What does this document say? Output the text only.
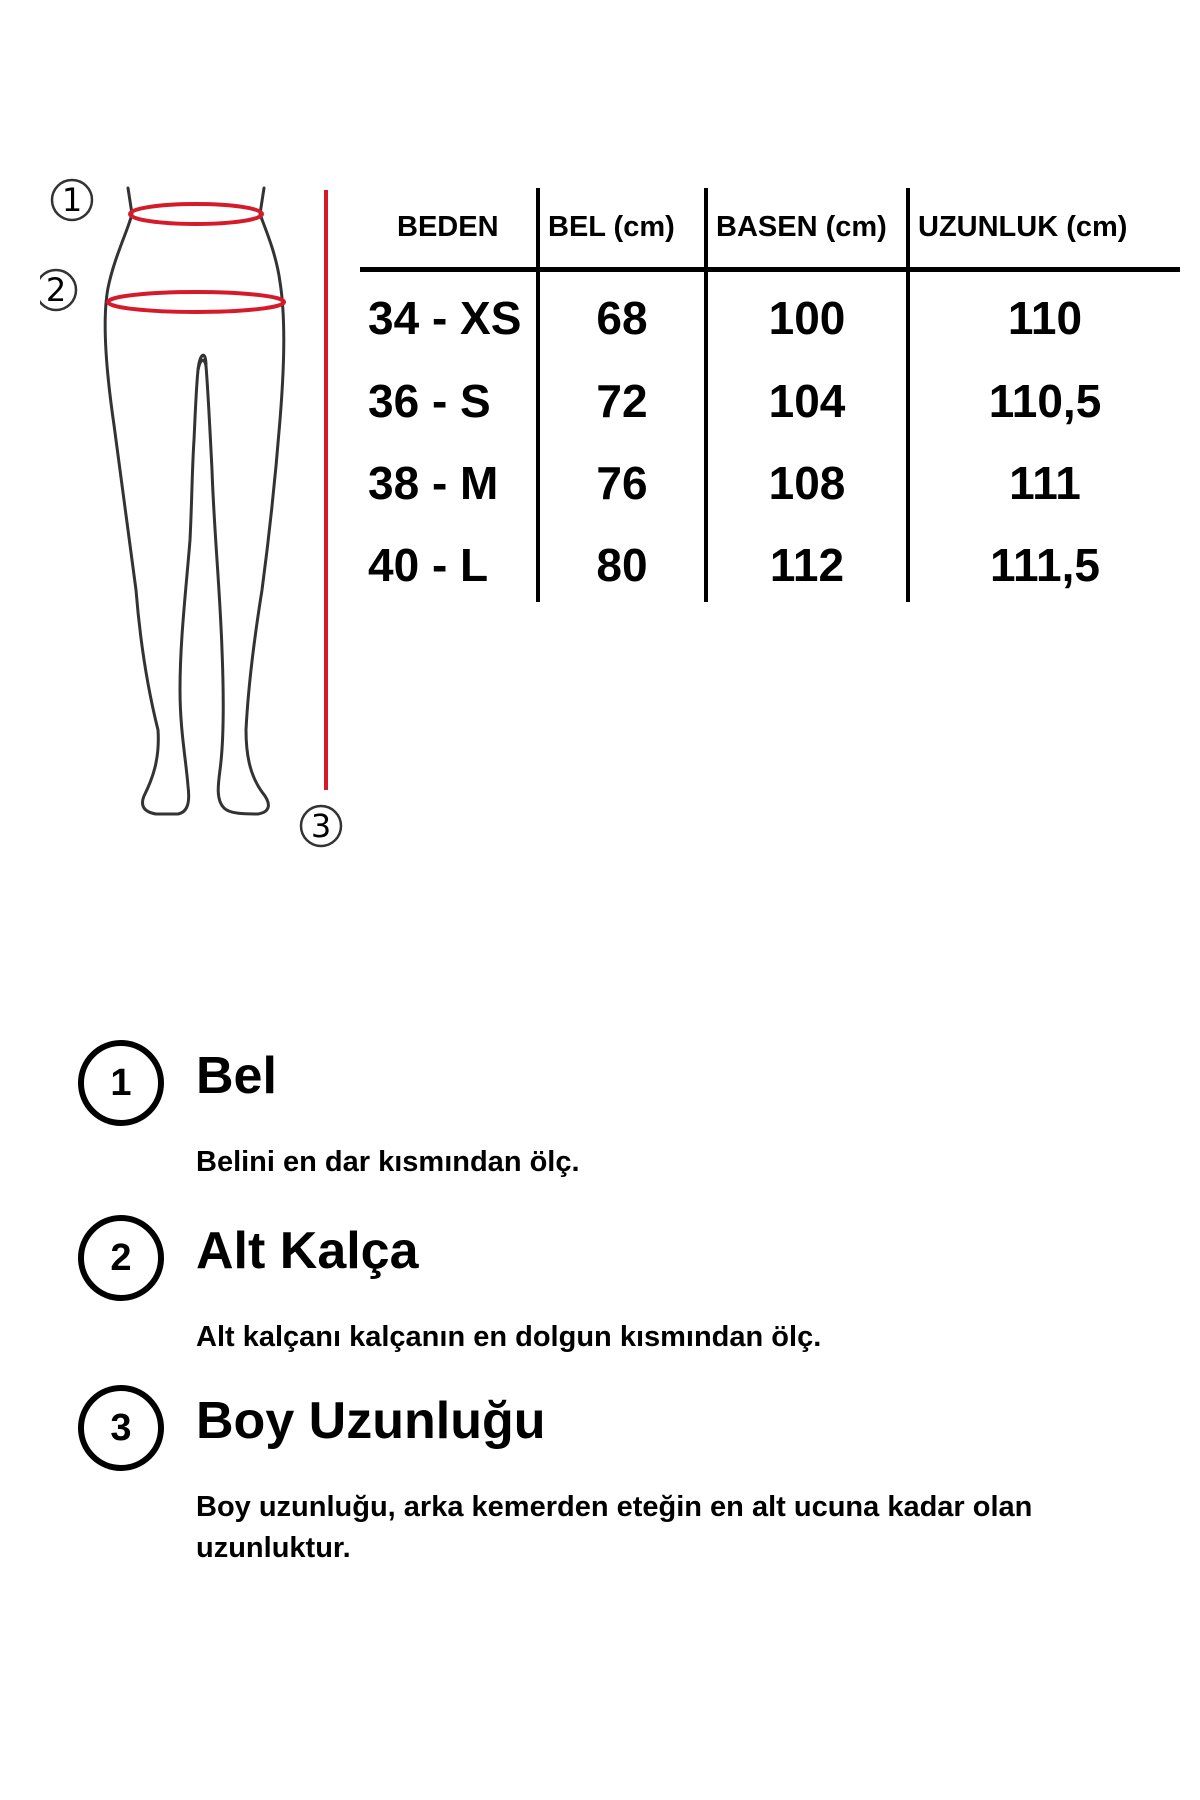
1
2
3
BEDEN	BEL (cm)	BASEN (cm)	UZUNLUK (cm)
34 - XS	68	100	110
36 - S	72	104	110,5
38 - M	76	108	111
40 - L	80	112	111,5
1	Bel
Belini en dar kısmından ölç.
2	Alt Kalça
Alt kalçanı kalçanın en dolgun kısmından ölç.
3	Boy Uzunluğu
Boy uzunluğu, arka kemerden eteğin en alt ucuna kadar olan uzunluktur.
